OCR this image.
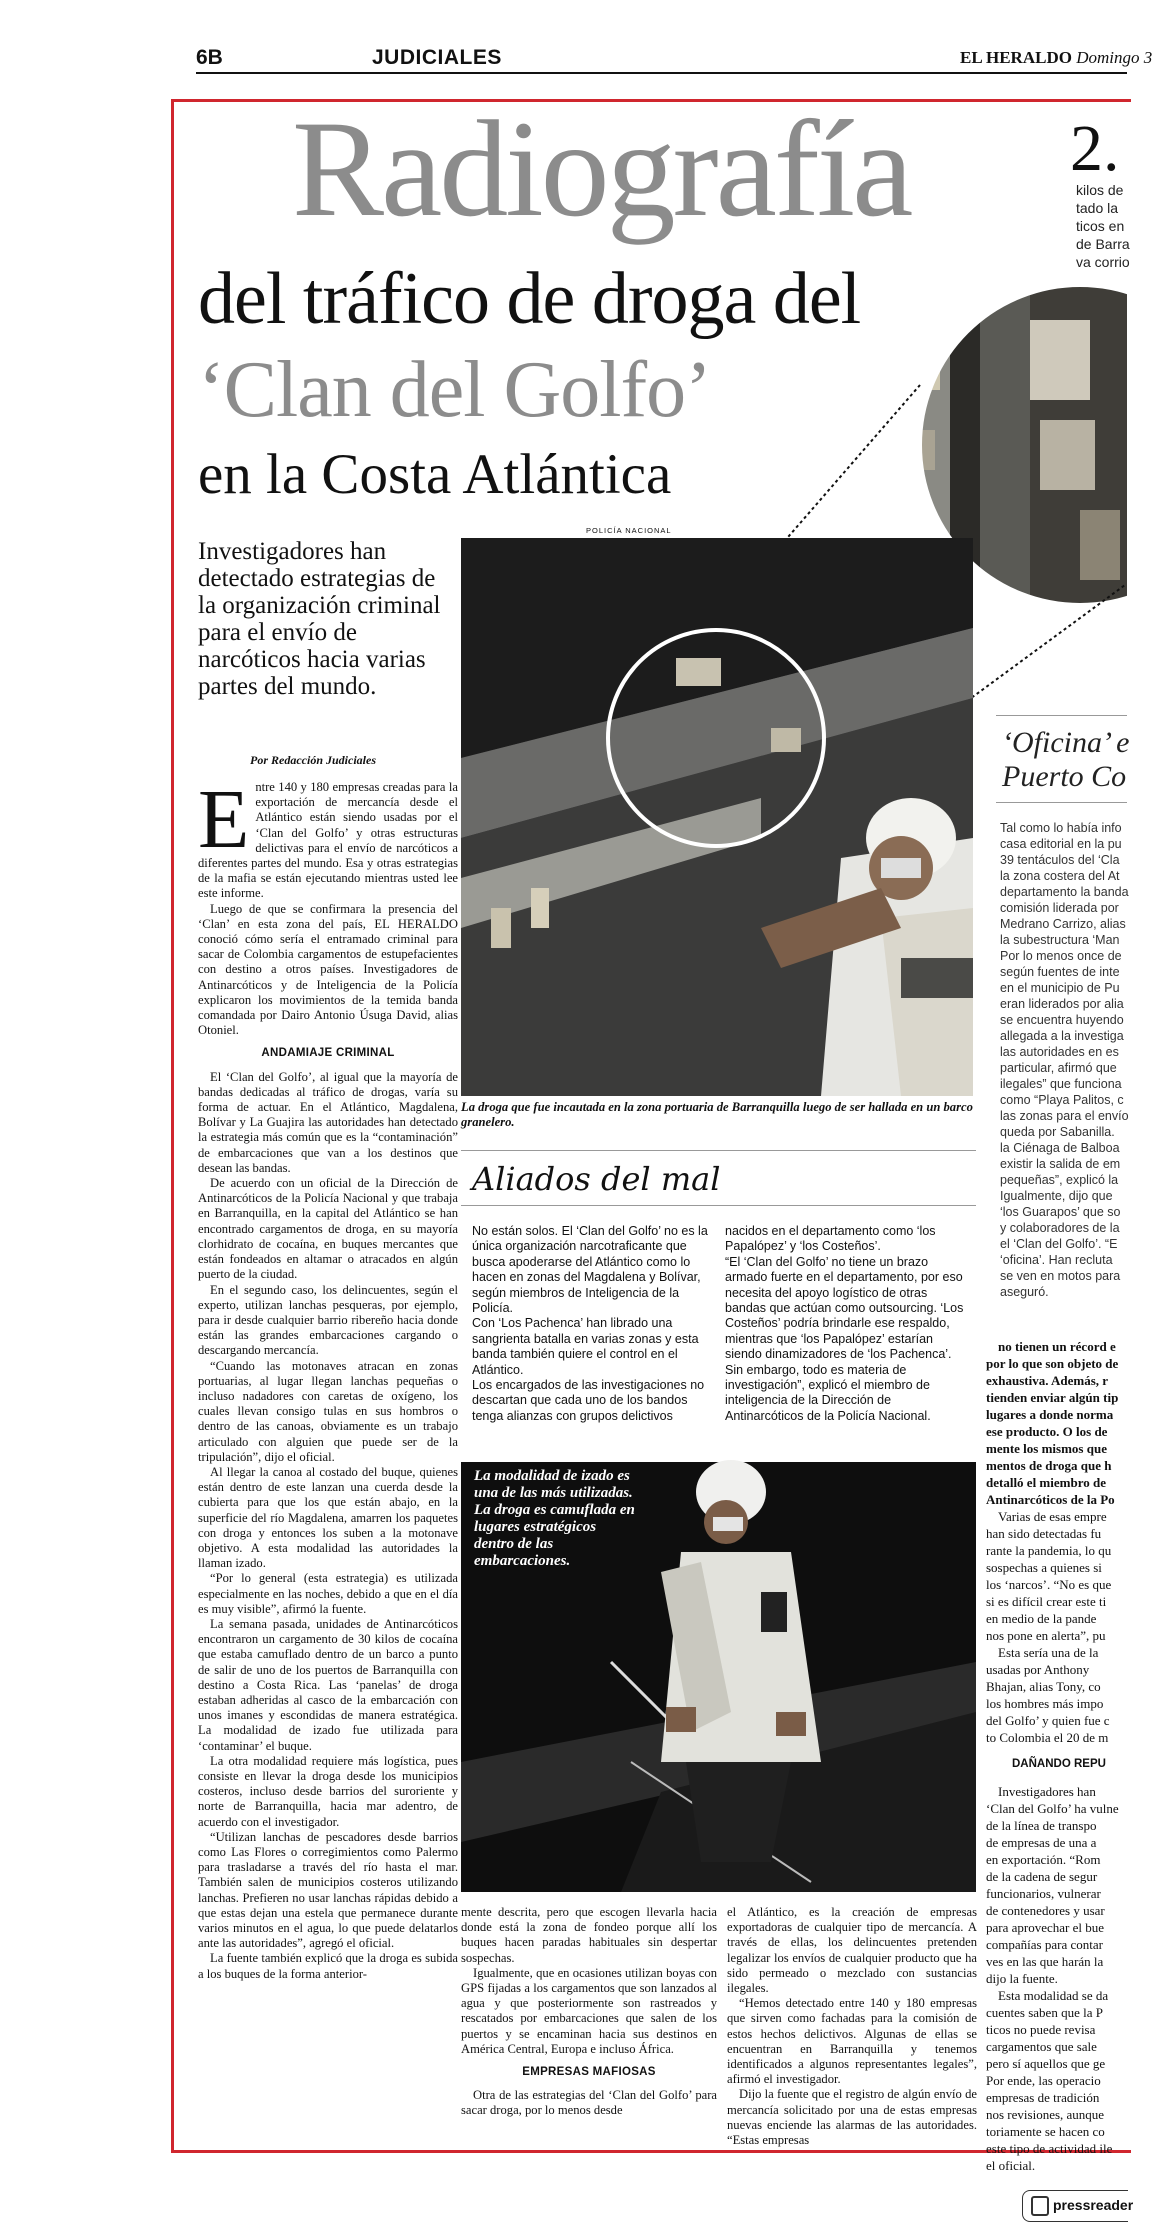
6B	JUDICIALES	EL HERALDO Domingo 3
Radiografía
del tráfico de droga del
‘Clan del Golfo’
en la Costa Atlántica
2.
kilos de
tado la
ticos en
de Barra
va corrio
Investigadores han detectado estrategias de la organización criminal para el envío de narcóticos hacia varias partes del mundo.
Por Redacción Judiciales
POLICÍA NACIONAL
La droga que fue incautada en la zona portuaria de Barranquilla luego de ser hallada en un barco granelero.

Entre 140 y 180 empresas creadas para la exportación de mercancía desde el Atlántico están siendo usadas por el ‘Clan del Golfo’ y otras estructuras delictivas para el envío de narcóticos a diferentes partes del mundo. Esa y otras estrategias de la mafia se están ejecutando mientras usted lee este informe.

Luego de que se confirmara la presencia del ‘Clan’ en esta zona del país, EL HERALDO conoció cómo sería el entramado criminal para sacar de Colombia cargamentos de estupefacientes con destino a otros países. Investigadores de Antinarcóticos y de Inteligencia de la Policía explicaron los movimientos de la temida banda comandada por Dairo Antonio Úsuga David, alias Otoniel.

ANDAMIAJE CRIMINAL

El ‘Clan del Golfo’, al igual que la mayoría de bandas dedicadas al tráfico de drogas, varía su forma de actuar. En el Atlántico, Magdalena, Bolívar y La Guajira las autoridades han detectado la estrategia más común que es la “contaminación” de embarcaciones que van a los destinos que desean las bandas.

De acuerdo con un oficial de la Dirección de Antinarcóticos de la Policía Nacional y que trabaja en Barranquilla, en la capital del Atlántico se han encontrado cargamentos de droga, en su mayoría clorhidrato de cocaína, en buques mercantes que están fondeados en altamar o atracados en algún puerto de la ciudad.

En el segundo caso, los delincuentes, según el experto, utilizan lanchas pesqueras, por ejemplo, para ir desde cualquier barrio ribereño hacia donde están las grandes embarcaciones cargando o descargando mercancía.

“Cuando las motonaves atracan en zonas portuarias, al lugar llegan lanchas pequeñas o incluso nadadores con caretas de oxígeno, los cuales llevan consigo tulas en sus hombros o dentro de las canoas, obviamente es un trabajo articulado con alguien que puede ser de la tripulación”, dijo el oficial.

Al llegar la canoa al costado del buque, quienes están dentro de este lanzan una cuerda desde la cubierta para que los que están abajo, en la superficie del río Magdalena, amarren los paquetes con droga y entonces los suben a la motonave objetivo. A esta modalidad las autoridades la llaman izado.

“Por lo general (esta estrategia) es utilizada especialmente en las noches, debido a que en el día es muy visible”, afirmó la fuente.

La semana pasada, unidades de Antinarcóticos encontraron un cargamento de 30 kilos de cocaína que estaba camuflado dentro de un barco a punto de salir de uno de los puertos de Barranquilla con destino a Costa Rica. Las ‘panelas’ de droga estaban adheridas al casco de la embarcación con unos imanes y escondidas de manera estratégica. La modalidad de izado fue utilizada para ‘contaminar’ el buque.

La otra modalidad requiere más logística, pues consiste en llevar la droga desde los municipios costeros, incluso desde barrios del suroriente y norte de Barranquilla, hacia mar adentro, de acuerdo con el investigador.

“Utilizan lanchas de pescadores desde barrios como Las Flores o corregimientos como Palermo para trasladarse a través del río hasta el mar. También salen de municipios costeros utilizando lanchas. Prefieren no usar lanchas rápidas debido a que estas dejan una estela que permanece durante varios minutos en el agua, lo que puede delatarlos ante las autoridades”, agregó el oficial.

La fuente también explicó que la droga es subida a los buques de la forma anterior-

Aliados del mal
No están solos. El ‘Clan del Golfo’ no es la única organización narcotraficante que busca apoderarse del Atlántico como lo hacen en zonas del Magdalena y Bolívar, según miembros de Inteligencia de la Policía.
Con ‘Los Pachenca’ han librado una sangrienta batalla en varias zonas y esta banda también quiere el control en el Atlántico.
Los encargados de las investigaciones no descartan que cada uno de los bandos tenga alianzas con grupos delictivos
nacidos en el departamento como ‘los Papalópez’ y ‘los Costeños’.
“El ‘Clan del Golfo’ no tiene un brazo armado fuerte en el departamento, por eso necesita del apoyo logístico de otras bandas que actúan como outsourcing. ‘Los Costeños’ podría brindarle ese respaldo, mientras que ‘los Papalópez’ estarían siendo dinamizadores de ‘los Pachenca’.
Sin embargo, todo es materia de investigación”, explicó el miembro de inteligencia de la Dirección de Antinarcóticos de la Policía Nacional.
La modalidad de izado es una de las más utilizadas. La droga es camuflada en lugares estratégicos dentro de las embarcaciones.

mente descrita, pero que escogen llevarla hacia donde está la zona de fondeo porque allí los buques hacen paradas habituales sin despertar sospechas.

Igualmente, que en ocasiones utilizan boyas con GPS fijadas a los cargamentos que son lanzados al agua y que posteriormente son rastreados y rescatados por embarcaciones que salen de los puertos y se encaminan hacia sus destinos en América Central, Europa e incluso África.

EMPRESAS MAFIOSAS

Otra de las estrategias del ‘Clan del Golfo’ para sacar droga, por lo menos desde

el Atlántico, es la creación de empresas exportadoras de cualquier tipo de mercancía. A través de ellas, los delincuentes pretenden legalizar los envíos de cualquier producto que ha sido permeado o mezclado con sustancias ilegales.

“Hemos detectado entre 140 y 180 empresas que sirven como fachadas para la comisión de estos hechos delictivos. Algunas de ellas se encuentran en Barranquilla y tenemos identificados a algunos representantes legales”, afirmó el investigador.

Dijo la fuente que el registro de algún envío de mercancía solicitado por una de estas empresas nuevas enciende las alarmas de las autoridades. “Estas empresas

‘Oficina’ e
Puerto Co
Tal como lo había info
casa editorial en la pu
39 tentáculos del ‘Cla
la zona costera del At
departamento la banda
comisión liderada por
Medrano Carrizo, alias
la subestructura ‘Man
Por lo menos once de
según fuentes de inte
en el municipio de Pu
eran liderados por alia
se encuentra huyendo
allegada a la investiga
las autoridades en es
particular, afirmó que
ilegales” que funciona
como “Playa Palitos, c
las zonas para el envío
queda por Sabanilla.
la Ciénaga de Balboa
existir la salida de em
pequeñas”, explicó la
Igualmente, dijo que
‘los Guarapos’ que so
y colaboradores de la
el ‘Clan del Golfo’. “E
‘oficina’. Han recluta
se ven en motos para
aseguró.
no tienen un récord e
por lo que son objeto de
exhaustiva. Además, r
tienden enviar algún tip
lugares a donde norma
ese producto. O los de
mente los mismos que
mentos de droga que h
detalló el miembro de
Antinarcóticos de la Po
Varias de esas empre
han sido detectadas fu
rante la pandemia, lo qu
sospechas a quienes si
los ‘narcos’. “No es que
si es difícil crear este ti
en medio de la pande
nos pone en alerta”, pu
Esta sería una de la
usadas por Anthony
Bhajan, alias Tony, co
los hombres más impo
del Golfo’ y quien fue c
to Colombia el 20 de m
DAÑANDO REPU
Investigadores han
‘Clan del Golfo’ ha vulne
de la línea de transpo
de empresas de una a
en exportación. “Rom
de la cadena de segur
funcionarios, vulnerar
de contenedores y usar
para aprovechar el bue
compañías para contar
ves en las que harán la
dijo la fuente.
Esta modalidad se da
cuentes saben que la P
ticos no puede revisa
cargamentos que sale
pero sí aquellos que ge
Por ende, las operacio
empresas de tradición
nos revisiones, aunque
toriamente se hacen co
este tipo de actividad ile
el oficial.
pressreader
